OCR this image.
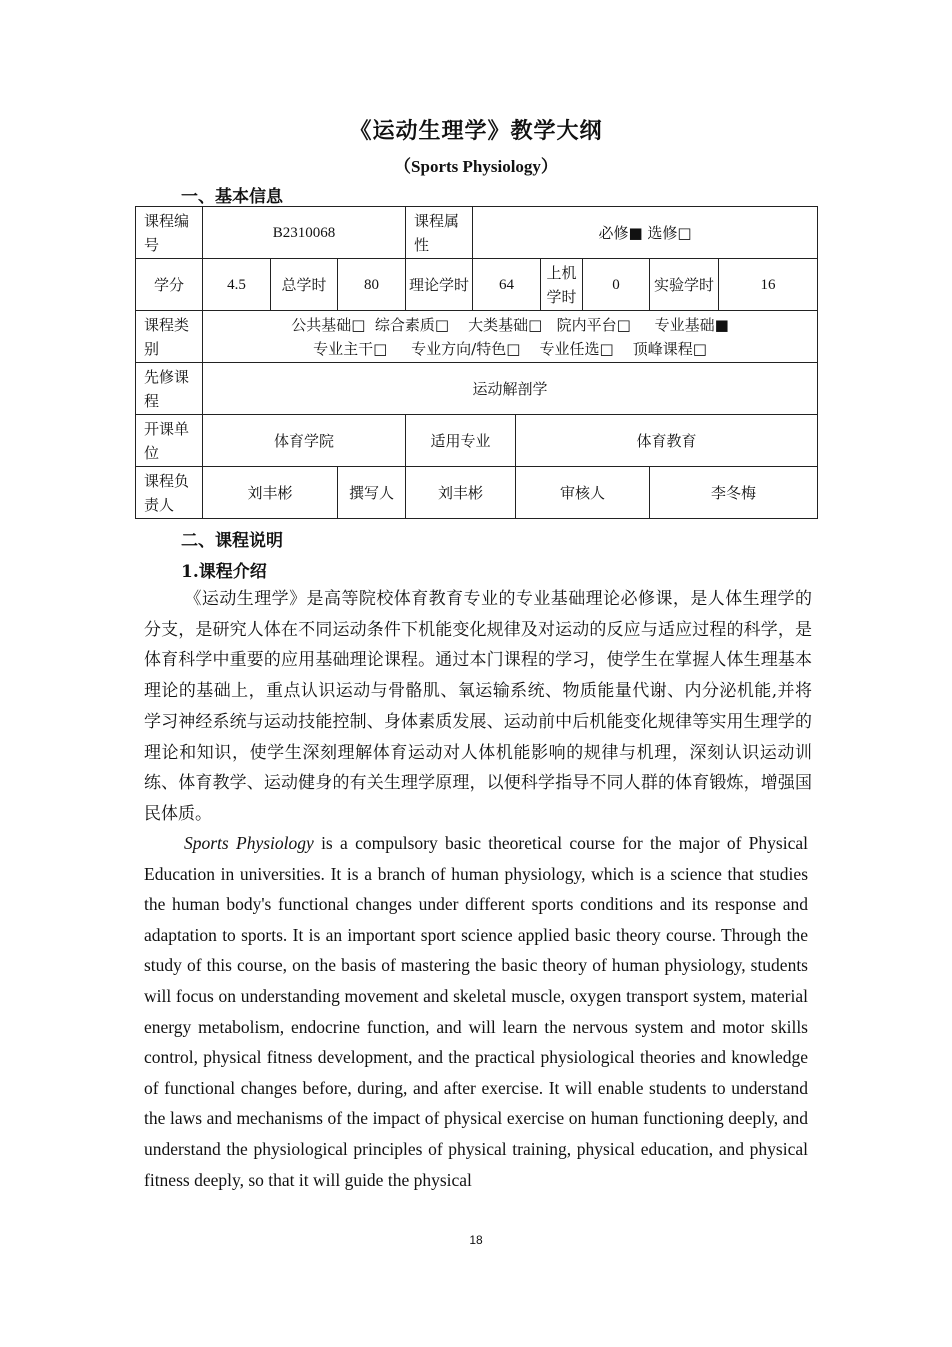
《运动生理学》教学大纲
（Sports Physiology）
一、基本信息
课程编号	B2310068			课程属性	必修■ 选修□					
学分	4.5	总学时	80	理论学时	64		上机学时	0	实验学时	16
课程类别	公共基础□  综合素质□    大类基础□   院内平台□     专业基础■
专业主干□     专业方向/特色□    专业任选□    顶峰课程□									

先修课程	运动解剖学									
开课单位	体育学院			适用专业		体育教育				
课程负责人	刘丰彬		撰写人	刘丰彬		审核人			李冬梅	
二、课程说明
1.课程介绍
《运动生理学》是高等院校体育教育专业的专业基础理论必修课，是人体生理学的分支，是研究人体在不同运动条件下机能变化规律及对运动的反应与适应过程的科学，是体育科学中重要的应用基础理论课程。通过本门课程的学习，使学生在掌握人体生理基本理论的基础上，重点认识运动与骨骼肌、氧运输系统、物质能量代谢、内分泌机能,并将学习神经系统与运动技能控制、身体素质发展、运动前中后机能变化规律等实用生理学的理论和知识，使学生深刻理解体育运动对人体机能影响的规律与机理，深刻认识运动训练、体育教学、运动健身的有关生理学原理，以便科学指导不同人群的体育锻炼，增强国民体质。
Sports Physiology is a compulsory basic theoretical course for the major of Physical Education in universities. It is a branch of human physiology, which is a science that studies the human body's functional changes under different sports conditions and its response and adaptation to sports. It is an important sport science applied basic theory course. Through the study of this course, on the basis of mastering the basic theory of human physiology, students will focus on understanding movement and skeletal muscle, oxygen transport system, material energy metabolism, endocrine function, and will learn the nervous system and motor skills control, physical fitness development, and the practical physiological theories and knowledge of functional changes before, during, and after exercise. It will enable students to understand the laws and mechanisms of the impact of physical exercise on human functioning deeply, and understand the physiological principles of physical training, physical education, and physical fitness deeply, so that it will guide the physical
18
